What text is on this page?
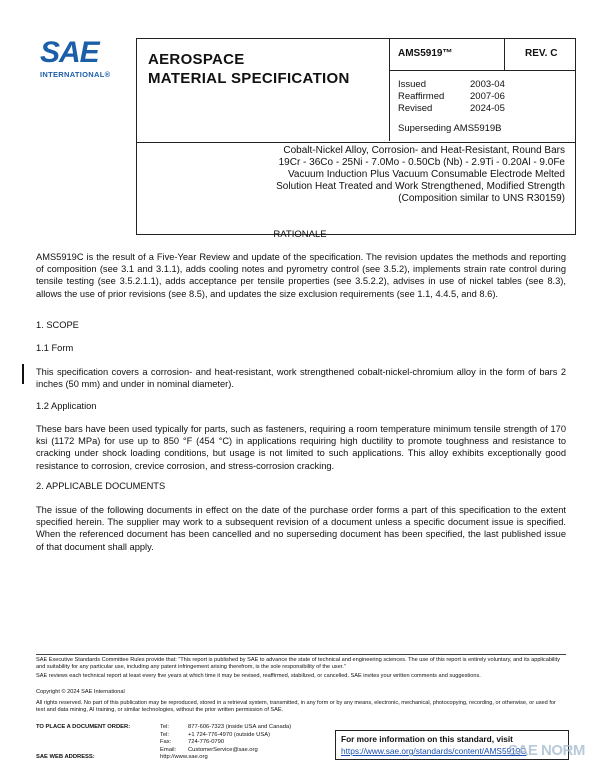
SAE
INTERNATIONAL®
AEROSPACE
MATERIAL SPECIFICATION
AMS5919™	REV. C
Issued	2003-04
Reaffirmed	2007-06
Revised	2024-05
Superseding AMS5919B
Cobalt-Nickel Alloy, Corrosion- and Heat-Resistant, Round Bars
19Cr - 36Co - 25Ni - 7.0Mo - 0.50Cb (Nb) - 2.9Ti - 0.20Al - 9.0Fe
Vacuum Induction Plus Vacuum Consumable Electrode Melted
Solution Heat Treated and Work Strengthened, Modified Strength
(Composition similar to UNS R30159)
RATIONALE
AMS5919C is the result of a Five-Year Review and update of the specification. The revision updates the methods and reporting of composition (see 3.1 and 3.1.1), adds cooling notes and pyrometry control (see 3.5.2), implements strain rate control during tensile testing (see 3.5.2.1.1), adds acceptance per tensile properties (see 3.5.2.2), advises in use of nickel tables (see 8.3), allows the use of prior revisions (see 8.5), and updates the size exclusion requirements (see 1.1, 4.4.5, and 8.6).
1. SCOPE
1.1 Form
This specification covers a corrosion- and heat-resistant, work strengthened cobalt-nickel-chromium alloy in the form of bars 2 inches (50 mm) and under in nominal diameter).
1.2 Application
These bars have been used typically for parts, such as fasteners, requiring a room temperature minimum tensile strength of 170 ksi (1172 MPa) for use up to 850 °F (454 °C) in applications requiring high ductility to promote toughness and resistance to cracking under shock loading conditions, but usage is not limited to such applications. This alloy exhibits exceptionally good resistance to corrosion, crevice corrosion, and stress-corrosion cracking.
2. APPLICABLE DOCUMENTS
The issue of the following documents in effect on the date of the purchase order forms a part of this specification to the extent specified herein. The supplier may work to a subsequent revision of a document unless a specific document issue is specified. When the referenced document has been cancelled and no superseding document has been specified, the last published issue of that document shall apply.
SAE Executive Standards Committee Rules provide that: “This report is published by SAE to advance the state of technical and engineering sciences. The use of this report is entirely voluntary, and its applicability and suitability for any particular use, including any patent infringement arising therefrom, is the sole responsibility of the user.”
SAE reviews each technical report at least every five years at which time it may be revised, reaffirmed, stabilized, or cancelled. SAE invites your written comments and suggestions.
Copyright © 2024 SAE International
All rights reserved. No part of this publication may be reproduced, stored in a retrieval system, transmitted, in any form or by any means, electronic, mechanical, photocopying, recording, or otherwise, or used for text and data mining, AI training, or similar technologies, without the prior written permission of SAE.
TO PLACE A DOCUMENT ORDER:
SAE WEB ADDRESS:
Tel:	877-606-7323 (inside USA and Canada)
Tel:	+1 724-776-4970 (outside USA)
Fax:	724-776-0790
Email: CustomerService@sae.org
http://www.sae.org
For more information on this standard, visit
https://www.sae.org/standards/content/AMS5919C
SAE NORM
